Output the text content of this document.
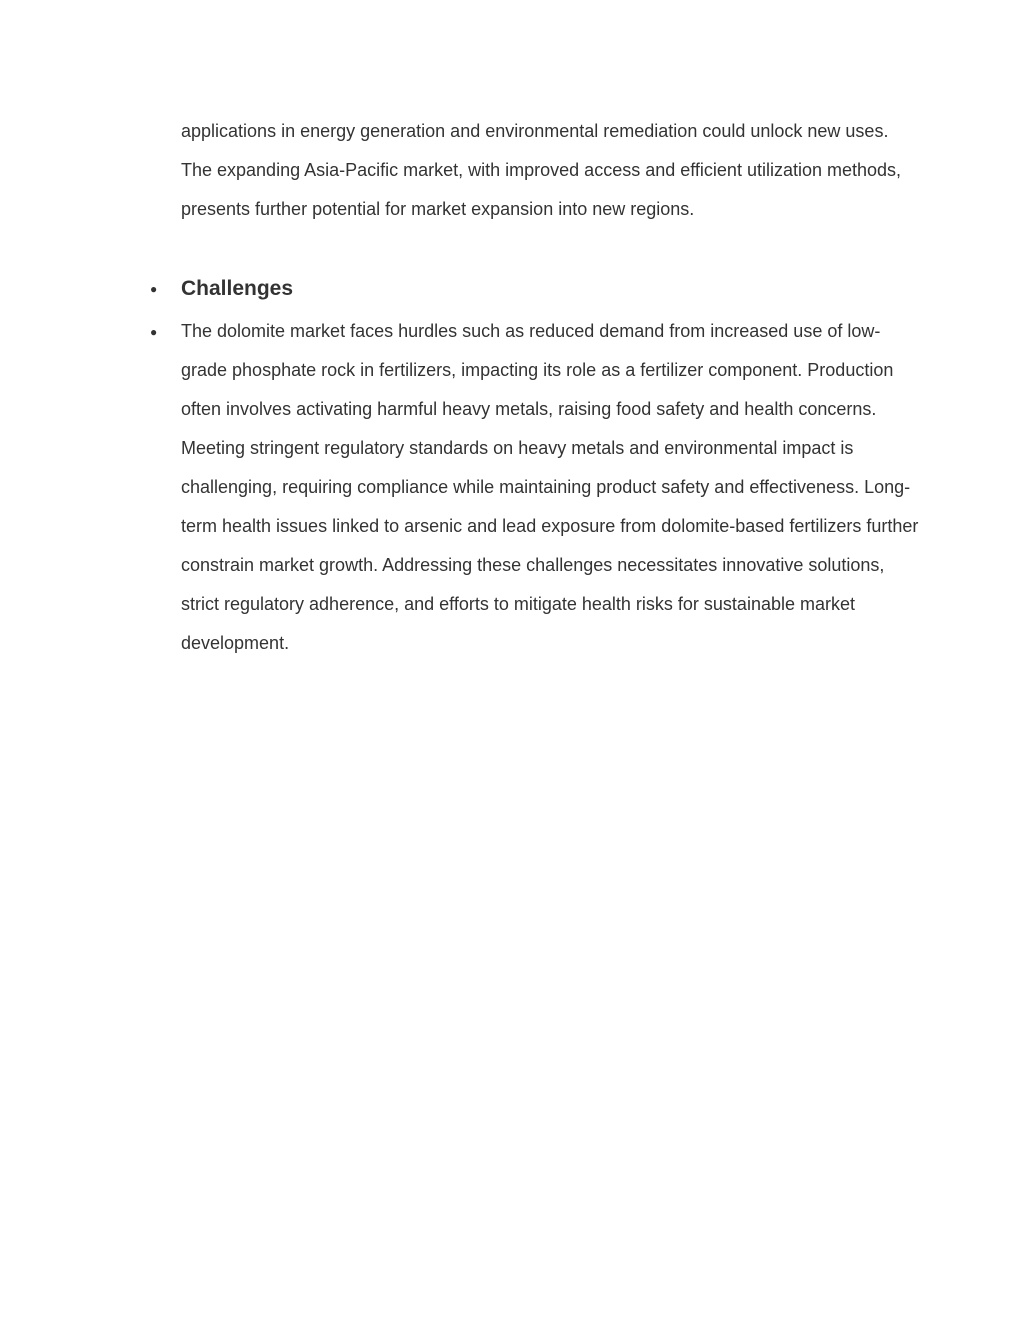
applications in energy generation and environmental remediation could unlock new uses. The expanding Asia-Pacific market, with improved access and efficient utilization methods, presents further potential for market expansion into new regions.

● Challenges
● The dolomite market faces hurdles such as reduced demand from increased use of low-grade phosphate rock in fertilizers, impacting its role as a fertilizer component. Production often involves activating harmful heavy metals, raising food safety and health concerns. Meeting stringent regulatory standards on heavy metals and environmental impact is challenging, requiring compliance while maintaining product safety and effectiveness. Long-term health issues linked to arsenic and lead exposure from dolomite-based fertilizers further constrain market growth. Addressing these challenges necessitates innovative solutions, strict regulatory adherence, and efforts to mitigate health risks for sustainable market development.
